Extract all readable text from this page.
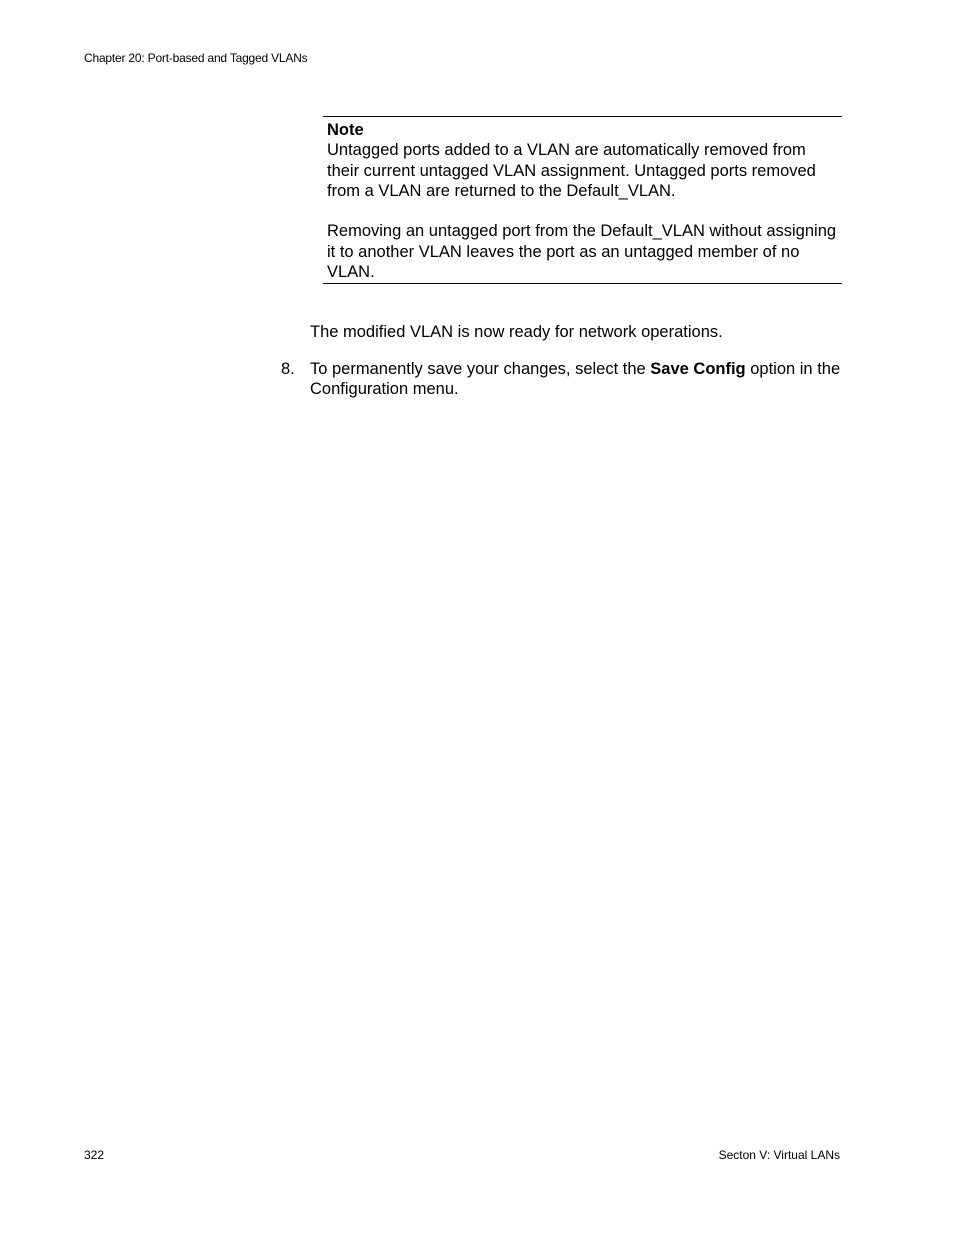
Chapter 20: Port-based and Tagged VLANs
Note

Untagged ports added to a VLAN are automatically removed from their current untagged VLAN assignment. Untagged ports removed from a VLAN are returned to the Default_VLAN.

Removing an untagged port from the Default_VLAN without assigning it to another VLAN leaves the port as an untagged member of no VLAN.

The modified VLAN is now ready for network operations.

8. To permanently save your changes, select the Save Config option in the Configuration menu.
322	Secton V: Virtual LANs
